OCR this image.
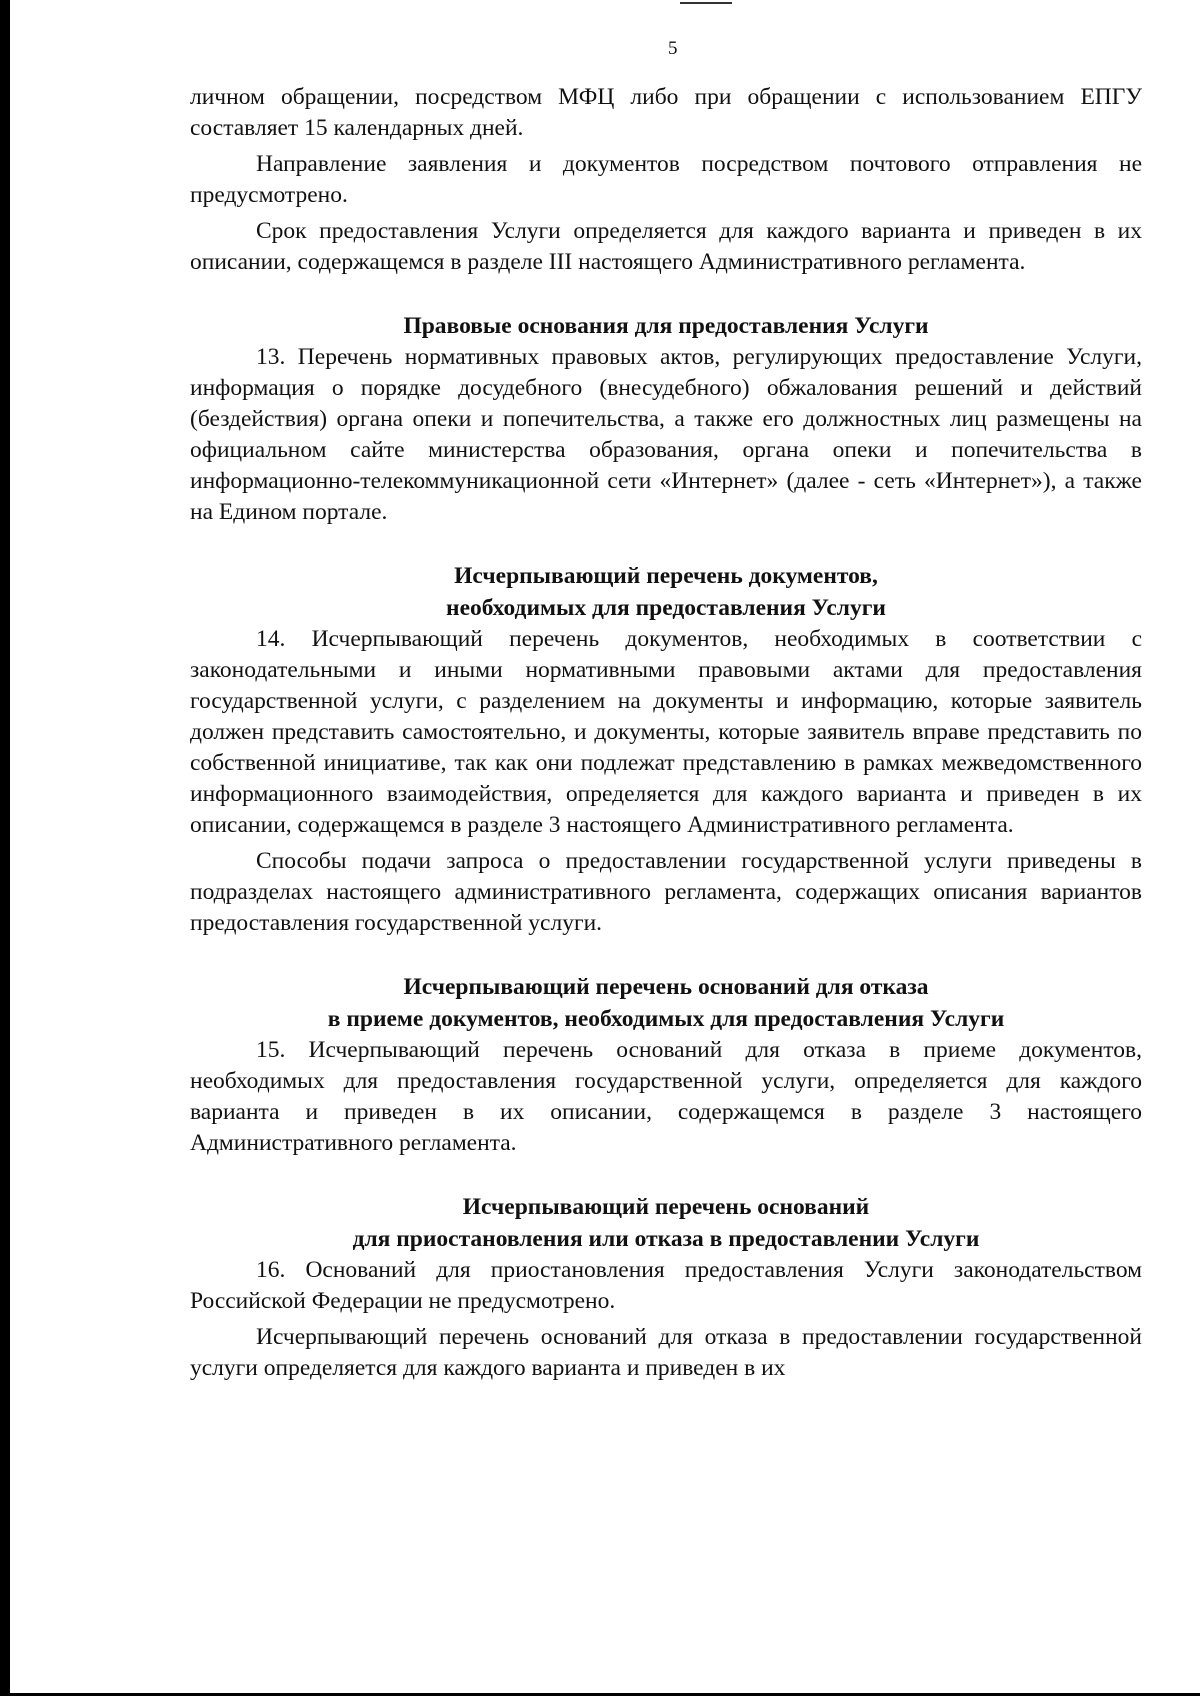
5

личном обращении, посредством МФЦ либо при обращении с использованием ЕПГУ составляет 15 календарных дней.

Направление заявления и документов посредством почтового отправления не предусмотрено.

Срок предоставления Услуги определяется для каждого варианта и приведен в их описании, содержащемся в разделе III настоящего Административного регламента.

Правовые основания для предоставления Услуги

13. Перечень нормативных правовых актов, регулирующих предоставление Услуги, информация о порядке досудебного (внесудебного) обжалования решений и действий (бездействия) органа опеки и попечительства, а также его должностных лиц размещены на официальном сайте министерства образования, органа опеки и попечительства в информационно-телекоммуникационной сети «Интернет» (далее - сеть «Интернет»), а также на Едином портале.

Исчерпывающий перечень документов,
необходимых для предоставления Услуги

14. Исчерпывающий перечень документов, необходимых в соответствии с законодательными и иными нормативными правовыми актами для предоставления государственной услуги, с разделением на документы и информацию, которые заявитель должен представить самостоятельно, и документы, которые заявитель вправе представить по собственной инициативе, так как они подлежат представлению в рамках межведомственного информационного взаимодействия, определяется для каждого варианта и приведен в их описании, содержащемся в разделе 3 настоящего Административного регламента.

Способы подачи запроса о предоставлении государственной услуги приведены в подразделах настоящего административного регламента, содержащих описания вариантов предоставления государственной услуги.

Исчерпывающий перечень оснований для отказа
в приеме документов, необходимых для предоставления Услуги

15. Исчерпывающий перечень оснований для отказа в приеме документов, необходимых для предоставления государственной услуги, определяется для каждого варианта и приведен в их описании, содержащемся в разделе 3 настоящего Административного регламента.

Исчерпывающий перечень оснований
для приостановления или отказа в предоставлении Услуги

16. Оснований для приостановления предоставления Услуги законодательством Российской Федерации не предусмотрено.

Исчерпывающий перечень оснований для отказа в предоставлении государственной услуги определяется для каждого варианта и приведен в их
